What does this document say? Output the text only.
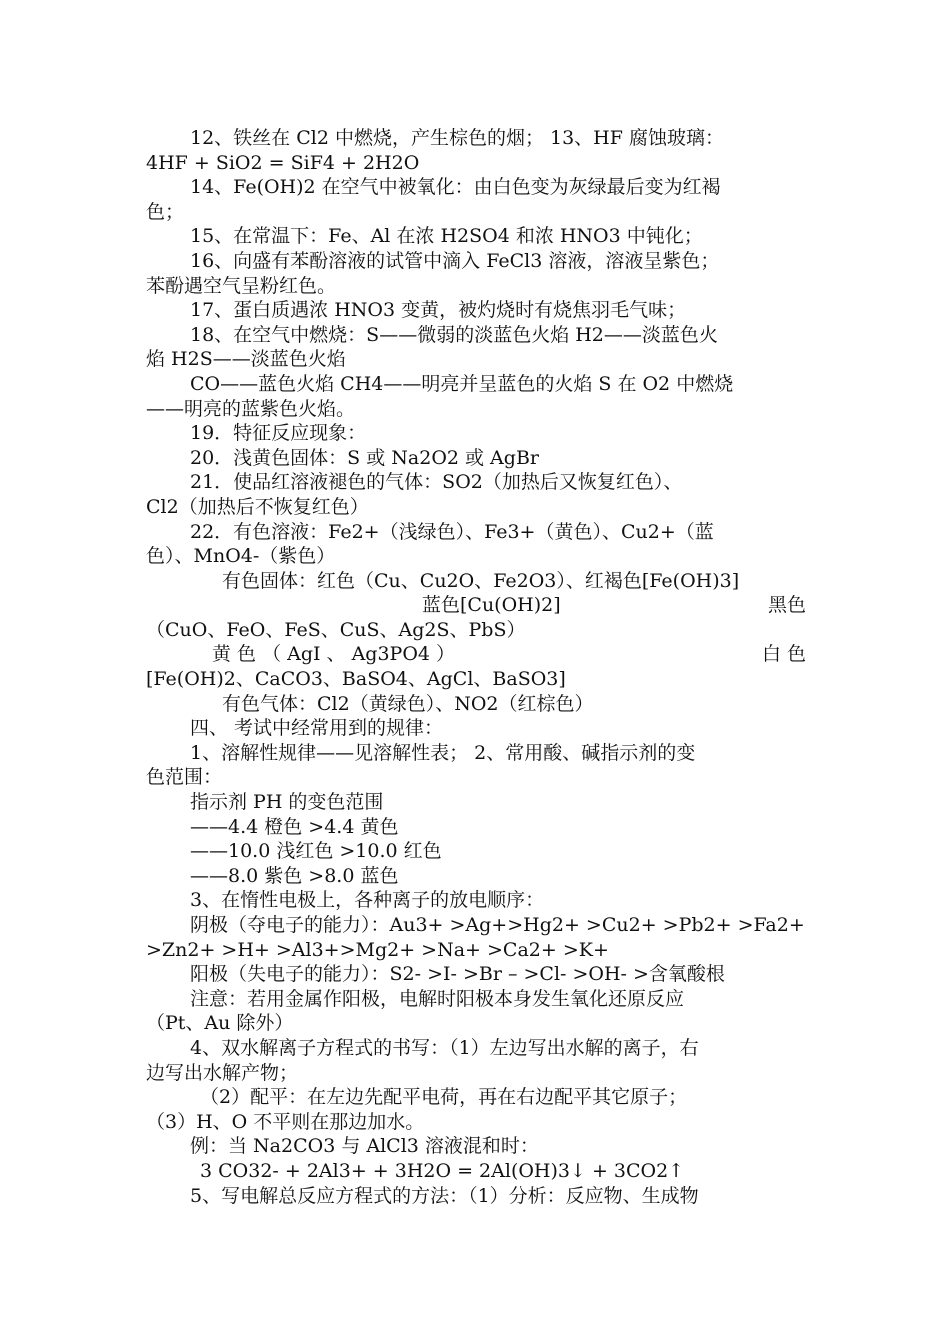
12、铁丝在 Cl2 中燃烧，产生棕色的烟； 13、HF 腐蚀玻璃：
4HF + SiO2 = SiF4 + 2H2O
14、Fe(OH)2 在空气中被氧化：由白色变为灰绿最后变为红褐
色；
15、在常温下：Fe、Al 在浓 H2SO4 和浓 HNO3 中钝化；
16、向盛有苯酚溶液的试管中滴入 FeCl3 溶液，溶液呈紫色；
苯酚遇空气呈粉红色。
17、蛋白质遇浓 HNO3 变黄，被灼烧时有烧焦羽毛气味；
18、在空气中燃烧：S——微弱的淡蓝色火焰 H2——淡蓝色火
焰 H2S——淡蓝色火焰
CO——蓝色火焰 CH4——明亮并呈蓝色的火焰 S 在 O2 中燃烧
——明亮的蓝紫色火焰。
19．特征反应现象：
20．浅黄色固体：S 或 Na2O2 或 AgBr
21．使品红溶液褪色的气体：SO2（加热后又恢复红色）、
Cl2（加热后不恢复红色）
22．有色溶液：Fe2+（浅绿色）、Fe3+（黄色）、Cu2+（蓝
色）、MnO4-（紫色）
有色固体：红色（Cu、Cu2O、Fe2O3）、红褐色[Fe(OH)3]
蓝色[Cu(OH)2]	黑色
（CuO、FeO、FeS、CuS、Ag2S、PbS）
黄 色 （ AgI 、 Ag3PO4 ）	白 色
[Fe(OH)2、CaCO3、BaSO4、AgCl、BaSO3]
有色气体：Cl2（黄绿色）、NO2（红棕色）
四、 考试中经常用到的规律：
1、溶解性规律——见溶解性表； 2、常用酸、碱指示剂的变
色范围：
指示剂 PH 的变色范围
——4.4 橙色 >4.4 黄色
——10.0 浅红色 >10.0 红色
——8.0 紫色 >8.0 蓝色
3、在惰性电极上，各种离子的放电顺序：
阴极（夺电子的能力）：Au3+ >Ag+>Hg2+ >Cu2+ >Pb2+ >Fa2+
>Zn2+ >H+ >Al3+>Mg2+ >Na+ >Ca2+ >K+
阳极（失电子的能力）：S2- >I- >Br – >Cl- >OH- >含氧酸根
注意：若用金属作阳极，电解时阳极本身发生氧化还原反应
（Pt、Au 除外）
4、双水解离子方程式的书写：（1）左边写出水解的离子，右
边写出水解产物；
（2）配平：在左边先配平电荷，再在右边配平其它原子；
（3）H、O 不平则在那边加水。
例：当 Na2CO3 与 AlCl3 溶液混和时：
3 CO32- + 2Al3+ + 3H2O = 2Al(OH)3↓ + 3CO2↑
5、写电解总反应方程式的方法：（1）分析：反应物、生成物
